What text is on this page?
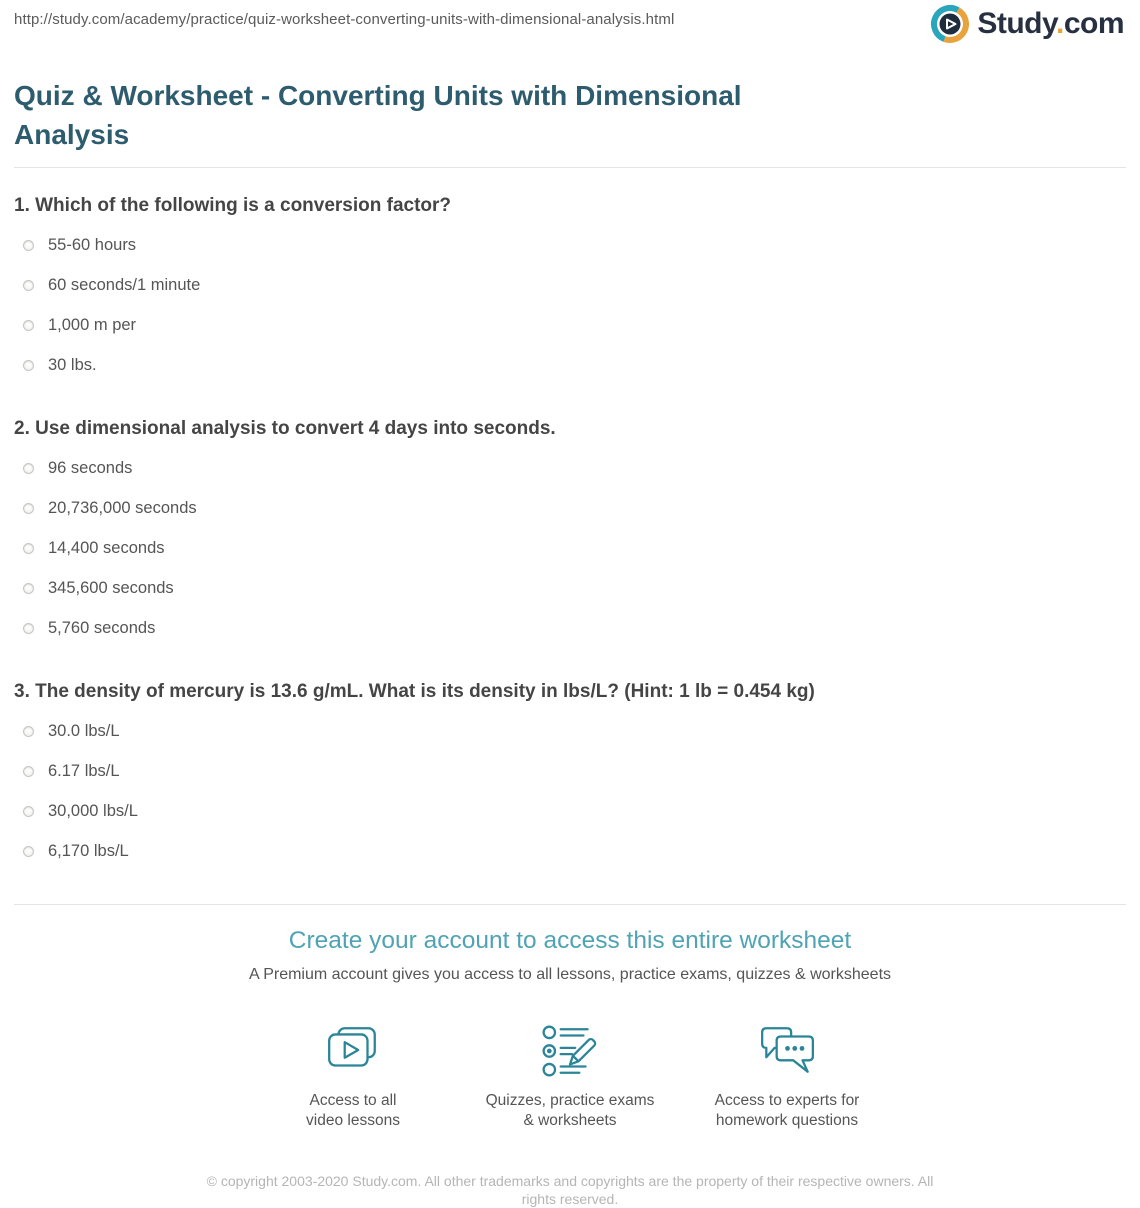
http://study.com/academy/practice/quiz-worksheet-converting-units-with-dimensional-analysis.html	Study.com
Quiz & Worksheet - Converting Units with Dimensional Analysis
1. Which of the following is a conversion factor?
55-60 hours
60 seconds/1 minute
1,000 m per
30 lbs.
2. Use dimensional analysis to convert 4 days into seconds.
96 seconds
20,736,000 seconds
14,400 seconds
345,600 seconds
5,760 seconds
3. The density of mercury is 13.6 g/mL. What is its density in lbs/L? (Hint: 1 lb = 0.454 kg)
30.0 lbs/L
6.17 lbs/L
30,000 lbs/L
6,170 lbs/L
Create your account to access this entire worksheet

A Premium account gives you access to all lessons, practice exams, quizzes & worksheets

Access to all
video lessons
Quizzes, practice exams
& worksheets
Access to experts for
homework questions
© copyright 2003-2020 Study.com. All other trademarks and copyrights are the property of their respective owners. All rights reserved.
